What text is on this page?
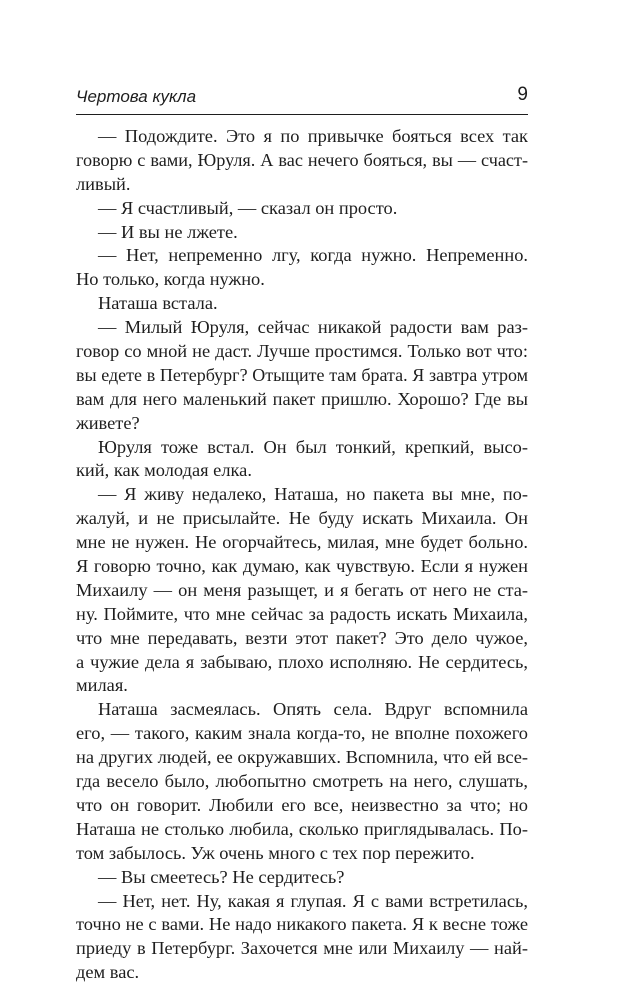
Чертова кукла	9
— Подождите. Это я по привычке бояться всех так
говорю с вами, Юруля. А вас нечего бояться, вы — счаст-
ливый.
— Я счастливый, — сказал он просто.
— И вы не лжете.
— Нет, непременно лгу, когда нужно. Непременно.
Но только, когда нужно.
Наташа встала.
— Милый Юруля, сейчас никакой радости вам раз-
говор со мной не даст. Лучше простимся. Только вот что:
вы едете в Петербург? Отыщите там брата. Я завтра утром
вам для него маленький пакет пришлю. Хорошо? Где вы
живете?
Юруля тоже встал. Он был тонкий, крепкий, высо-
кий, как молодая елка.
— Я живу недалеко, Наташа, но пакета вы мне, по-
жалуй, и не присылайте. Не буду искать Михаила. Он
мне не нужен. Не огорчайтесь, милая, мне будет больно.
Я говорю точно, как думаю, как чувствую. Если я нужен
Михаилу — он меня разыщет, и я бегать от него не ста-
ну. Поймите, что мне сейчас за радость искать Михаила,
что мне передавать, везти этот пакет? Это дело чужое,
а чужие дела я забываю, плохо исполняю. Не сердитесь,
милая.
Наташа засмеялась. Опять села. Вдруг вспомнила
его, — такого, каким знала когда-то, не вполне похожего
на других людей, ее окружавших. Вспомнила, что ей все-
гда весело было, любопытно смотреть на него, слушать,
что он говорит. Любили его все, неизвестно за что; но
Наташа не столько любила, сколько приглядывалась. По-
том забылось. Уж очень много с тех пор пережито.
— Вы смеетесь? Не сердитесь?
— Нет, нет. Ну, какая я глупая. Я с вами встретилась,
точно не с вами. Не надо никакого пакета. Я к весне тоже
приеду в Петербург. Захочется мне или Михаилу — най-
дем вас.
